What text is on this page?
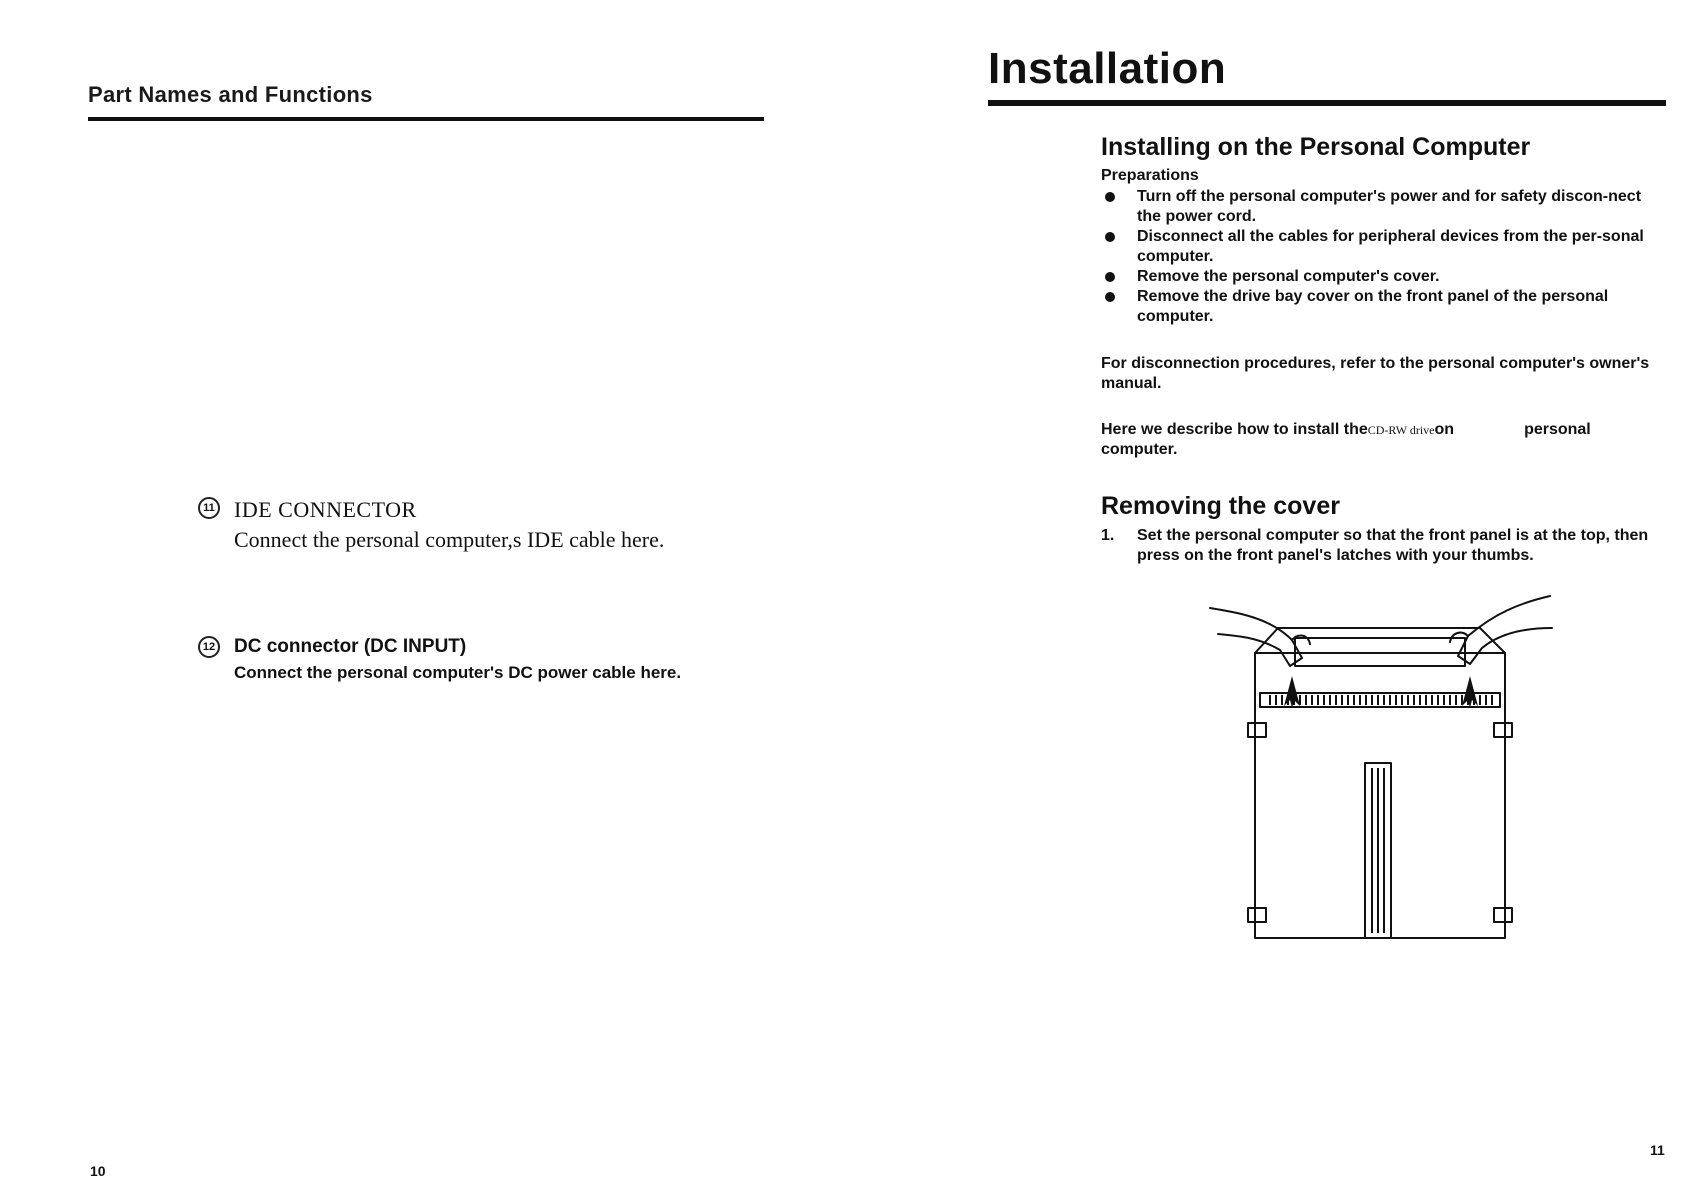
Part Names and Functions
11 IDE CONNECTOR
Connect the personal computer,s IDE cable here.
12 DC connector (DC INPUT)
Connect the personal computer's DC power cable here.
10
Installation
Installing on the Personal Computer
Preparations
Turn off the personal computer's power and for safety discon-nect the power cord.
Disconnect all the cables for peripheral devices from the per-sonal computer.
Remove the personal computer's cover.
Remove the drive bay cover on the front panel of the personal computer.
For disconnection procedures, refer to the personal computer's owner's manual.
Here we describe how to install theCD-RW driveon	personal computer.
Removing the cover
1. Set the personal computer so that the front panel is at the top, then press on the front panel's latches with your thumbs.
11
